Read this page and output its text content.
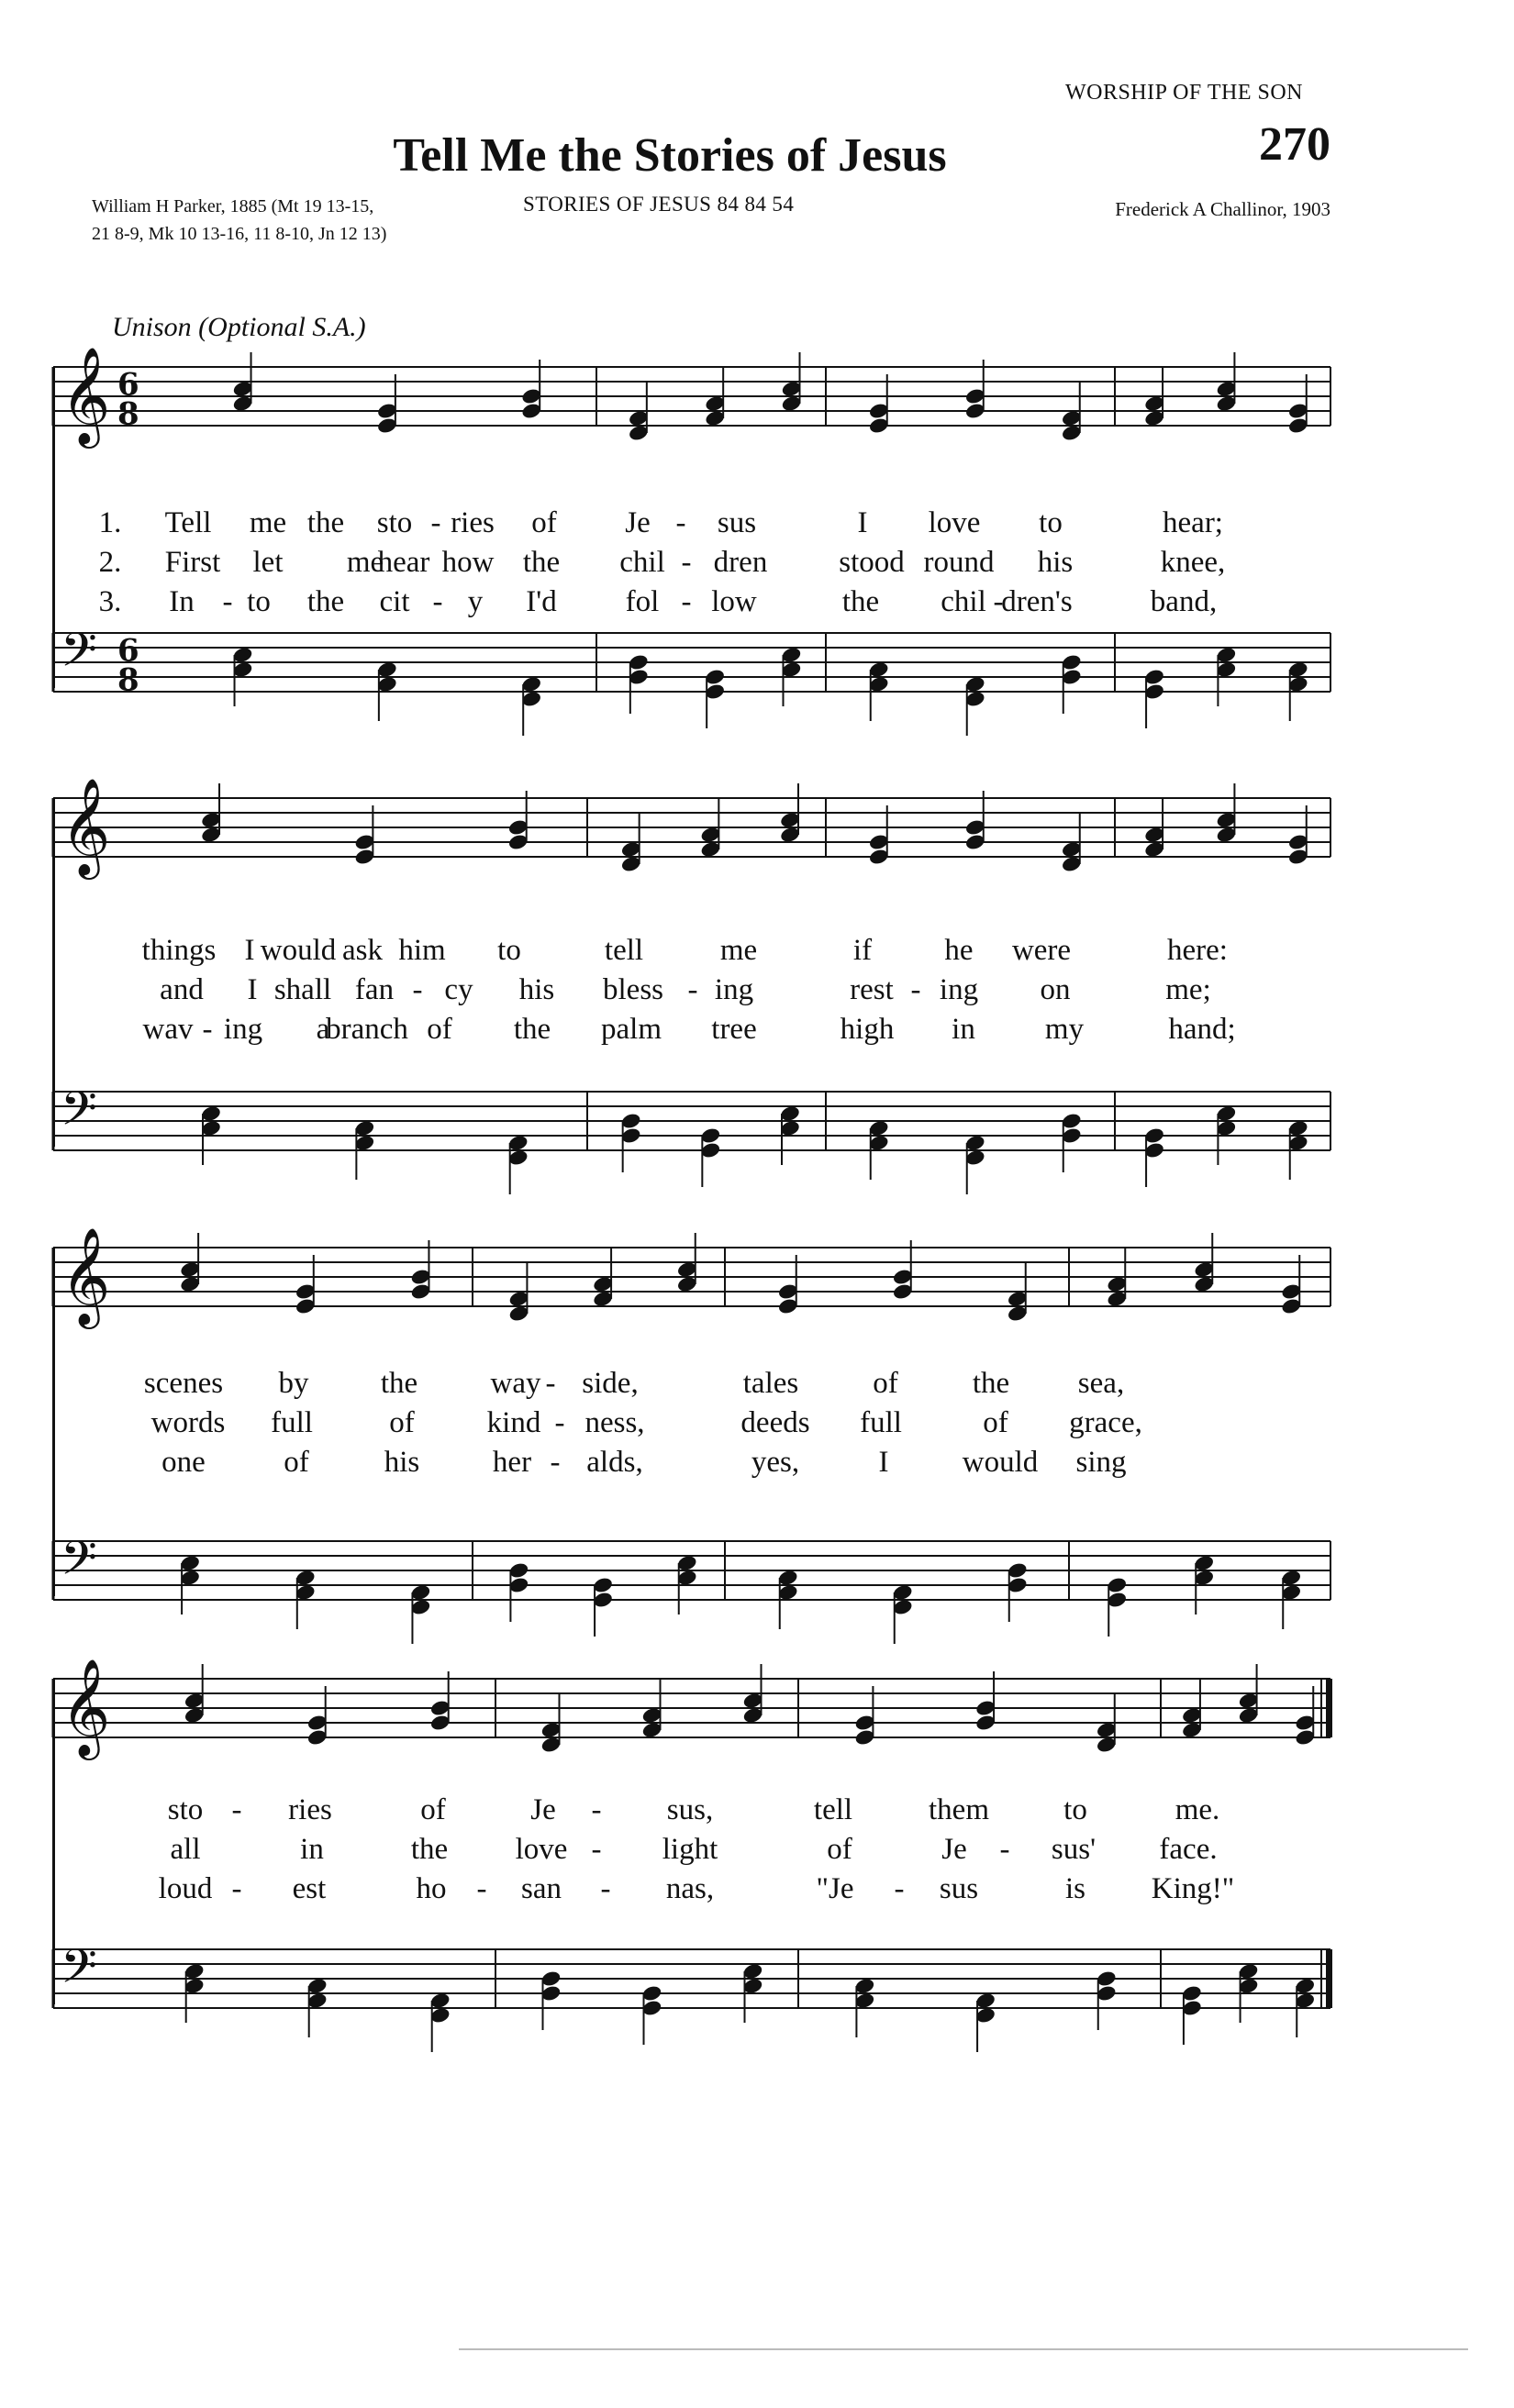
WORSHIP OF THE SON
270
Tell Me the Stories of Jesus
William H Parker, 1885 (Mt 19 13-15,
21 8-9, Mk 10 13-16, 11 8-10, Jn 12 13)
STORIES OF JESUS 84 84 54	Frederick A Challinor, 1903
Unison (Optional S.A.)
𝄞 6
8
𝄢 6
8
𝄞
𝄢
𝄞
𝄢
𝄞
𝄢
1. Tell me the sto - ries of Je - sus	I love to	hear;
2. First let me
hear how the chil - dren stood round his	knee,
3. In - to the cit - y I'd fol - low	the chil -
dren's	band,
things I would ask him to	tell	me	if he were	here:
and I shall fan - cy his bless - ing	rest - ing on	me;
wav - ing a
branch of the palm tree	high in my	hand;
scenes by the way - side,	tales of the sea,
words full	of kind - ness,	deeds full	of grace,
one	of his her - alds,	yes,	I would sing
sto - ries	of	Je - sus,	tell	them to	me.
all	in	the love - light	of	Je - sus' face.
loud - est	ho - san - nas,	"Je - sus	is King!"
